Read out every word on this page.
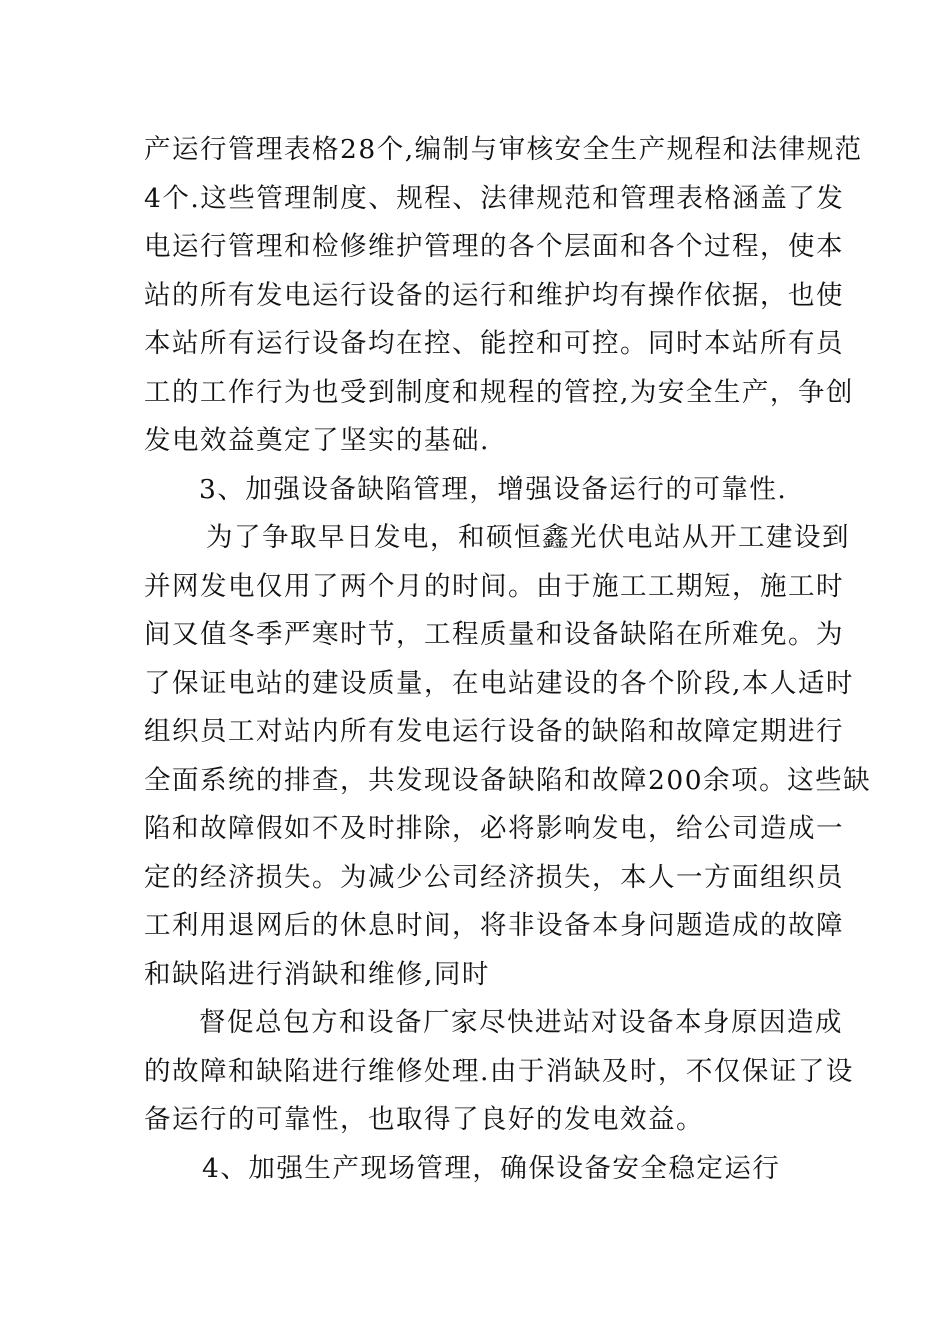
产运行管理表格28个,编制与审核安全生产规程和法律规范
4个.这些管理制度、规程、法律规范和管理表格涵盖了发
电运行管理和检修维护管理的各个层面和各个过程，使本
站的所有发电运行设备的运行和维护均有操作依据，也使
本站所有运行设备均在控、能控和可控。同时本站所有员
工的工作行为也受到制度和规程的管控,为安全生产，争创
发电效益奠定了坚实的基础.
3、加强设备缺陷管理，增强设备运行的可靠性.
为了争取早日发电，和硕恒鑫光伏电站从开工建设到
并网发电仅用了两个月的时间。由于施工工期短，施工时
间又值冬季严寒时节，工程质量和设备缺陷在所难免。为
了保证电站的建设质量，在电站建设的各个阶段,本人适时
组织员工对站内所有发电运行设备的缺陷和故障定期进行
全面系统的排查，共发现设备缺陷和故障200余项。这些缺
陷和故障假如不及时排除，必将影响发电，给公司造成一
定的经济损失。为减少公司经济损失，本人一方面组织员
工利用退网后的休息时间，将非设备本身问题造成的故障
和缺陷进行消缺和维修,同时
督促总包方和设备厂家尽快进站对设备本身原因造成
的故障和缺陷进行维修处理.由于消缺及时，不仅保证了设
备运行的可靠性，也取得了良好的发电效益。
4、加强生产现场管理，确保设备安全稳定运行
